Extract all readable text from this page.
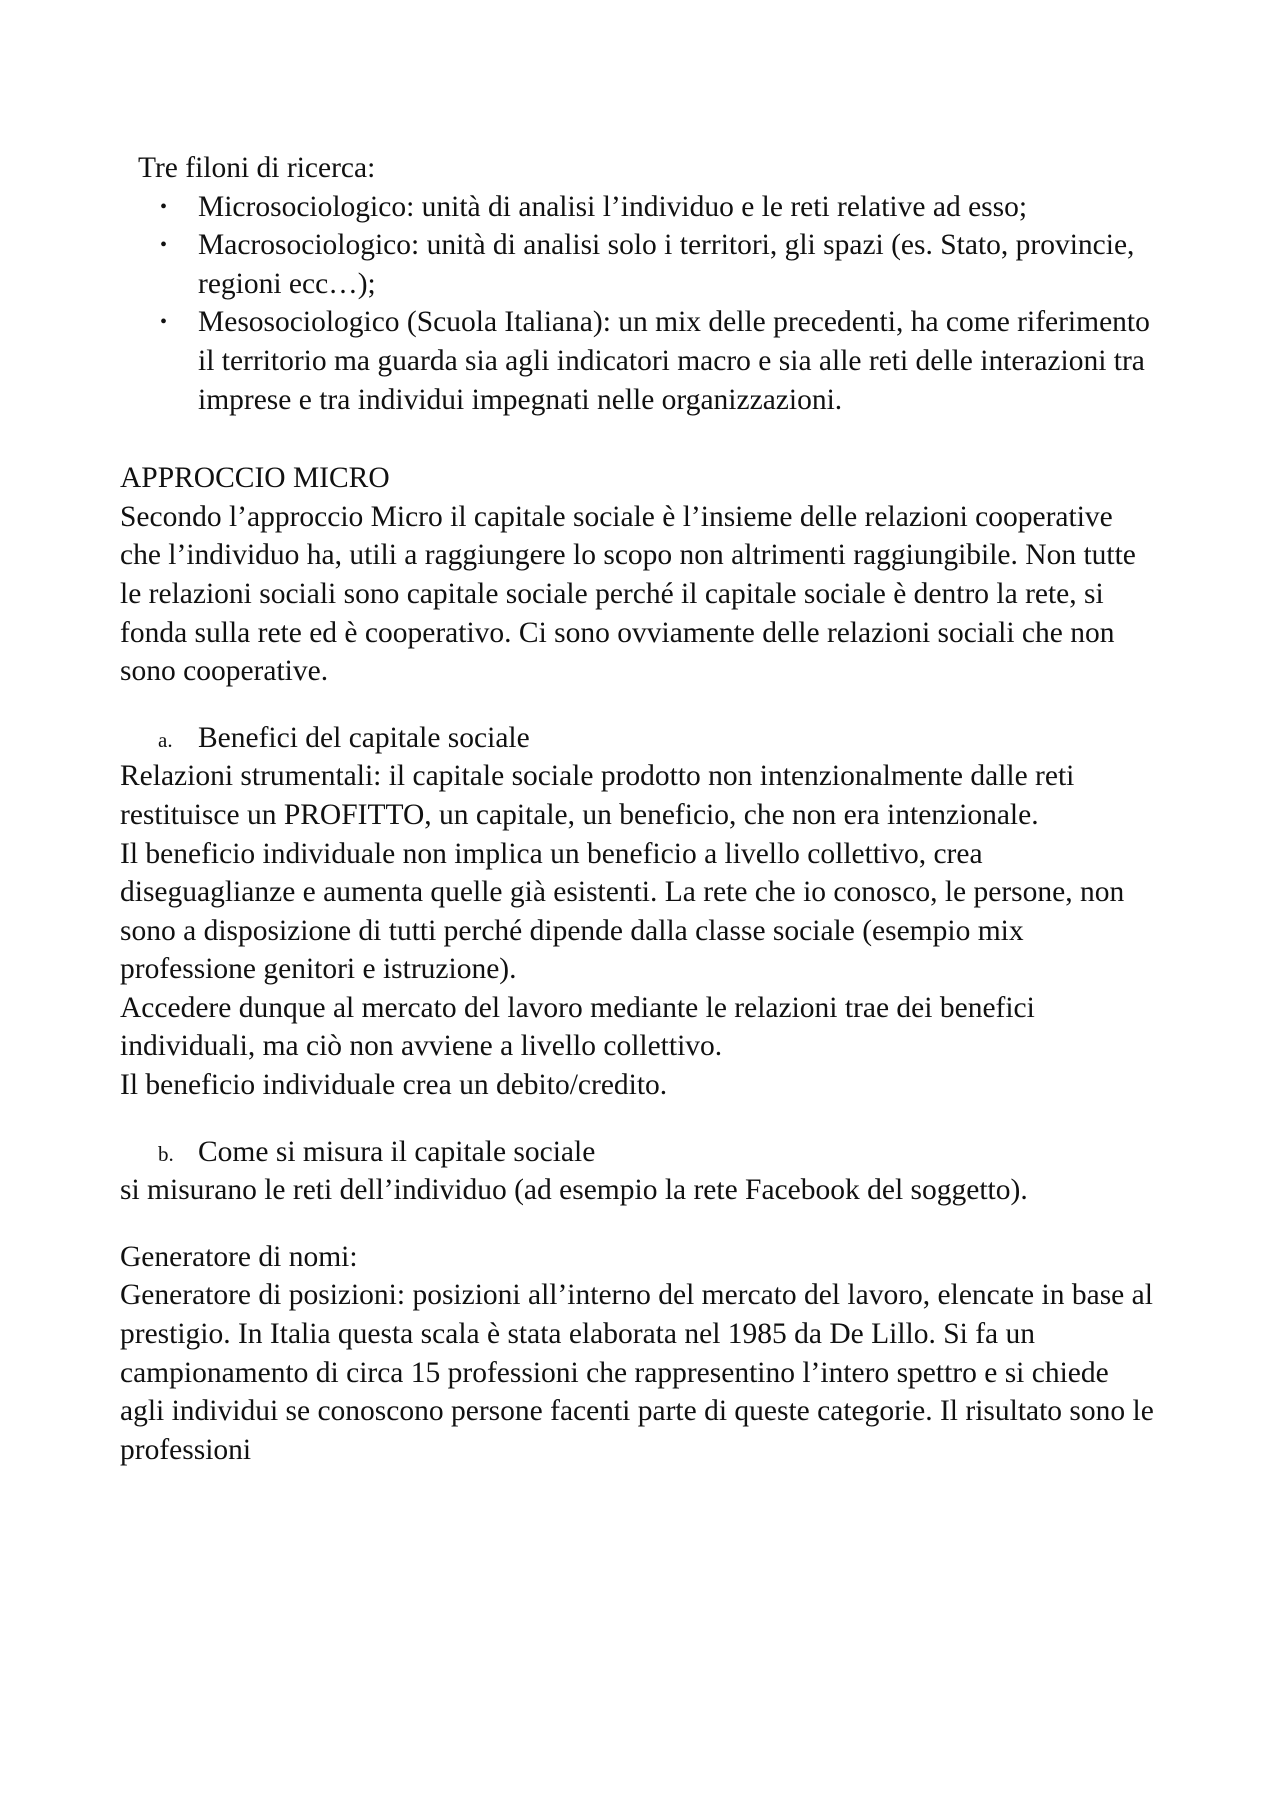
Tre filoni di ricerca:

• Microsociologico: unità di analisi l’individuo e le reti relative ad esso;
• Macrosociologico: unità di analisi solo i territori, gli spazi (es. Stato, provincie, regioni ecc…);
• Mesosociologico (Scuola Italiana): un mix delle precedenti, ha come riferimento il territorio ma guarda sia agli indicatori macro e sia alle reti delle interazioni tra imprese e tra individui impegnati nelle organizzazioni.

APPROCCIO MICRO

Secondo l’approccio Micro il capitale sociale è l’insieme delle relazioni cooperative che l’individuo ha, utili a raggiungere lo scopo non altrimenti raggiungibile. Non tutte le relazioni sociali sono capitale sociale perché il capitale sociale è dentro la rete, si fonda sulla rete ed è cooperativo. Ci sono ovviamente delle relazioni sociali che non sono cooperative.

a. Benefici del capitale sociale

Relazioni strumentali: il capitale sociale prodotto non intenzionalmente dalle reti restituisce un PROFITTO, un capitale, un beneficio, che non era intenzionale.

Il beneficio individuale non implica un beneficio a livello collettivo, crea diseguaglianze e aumenta quelle già esistenti. La rete che io conosco, le persone, non sono a disposizione di tutti perché dipende dalla classe sociale (esempio mix professione genitori e istruzione).

Accedere dunque al mercato del lavoro mediante le relazioni trae dei benefici individuali, ma ciò non avviene a livello collettivo.

Il beneficio individuale crea un debito/credito.

b. Come si misura il capitale sociale

si misurano le reti dell’individuo (ad esempio la rete Facebook del soggetto).

Generatore di nomi:

Generatore di posizioni: posizioni all’interno del mercato del lavoro, elencate in base al prestigio. In Italia questa scala è stata elaborata nel 1985 da De Lillo. Si fa un campionamento di circa 15 professioni che rappresentino l’intero spettro e si chiede agli individui se conoscono persone facenti parte di queste categorie. Il risultato sono le professioni
